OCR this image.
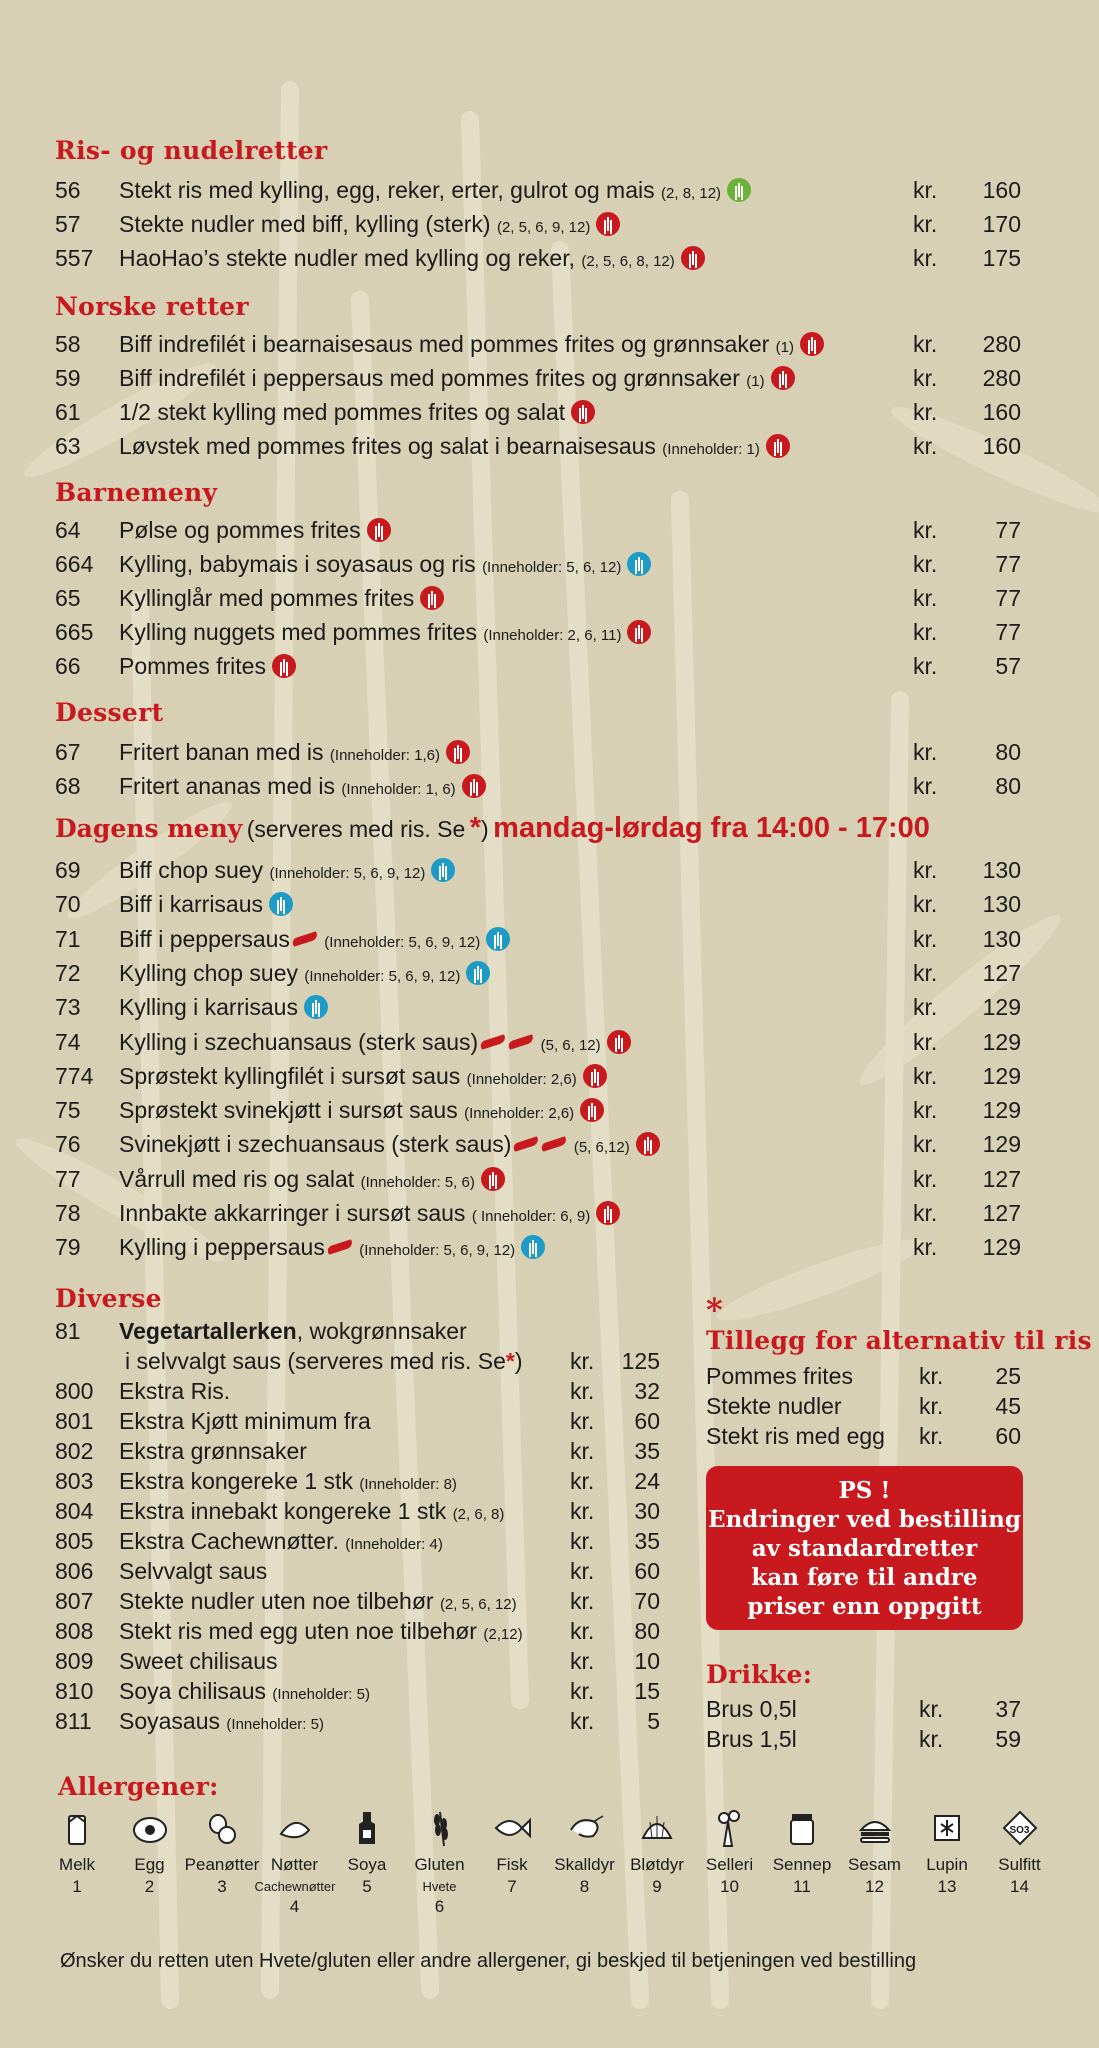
Ris- og nudelretter
Norske retter
Barnemeny
Dessert
Dagens meny (serveres med ris. Se *) mandag-lørdag fra 14:00 - 17:00
Diverse
81 Vegetartallerken, wokgrønnsaker
i selvvalgt saus (serveres med ris. Se*) kr. 125
*
Tillegg for alternativ til ris
PS !
Endringer ved bestilling
av standardretter
kan føre til andre
priser enn oppgitt
Drikke:
Allergener:
Ønsker du retten uten Hvete/gluten eller andre allergener, gi beskjed til betjeningen ved bestilling
56 Stekt ris med kylling, egg, reker, erter, gulrot og mais (2, 8, 12)	kr. 160
57 Stekte nudler med biff, kylling (sterk) (2, 5, 6, 9, 12)	kr. 170
557 HaoHao’s stekte nudler med kylling og reker, (2, 5, 6, 8, 12)	kr. 175
58 Biff indrefilét i bearnaisesaus med pommes frites og grønnsaker (1)	kr. 280
59 Biff indrefilét i peppersaus med pommes frites og grønnsaker (1)	kr. 280
61 1/2 stekt kylling med pommes frites og salat	kr. 160
63 Løvstek med pommes frites og salat i bearnaisesaus (Inneholder: 1)	kr. 160
64 Pølse og pommes frites	kr.	77
664 Kylling, babymais i soyasaus og ris (Inneholder: 5, 6, 12)	kr.	77
65 Kyllinglår med pommes frites	kr.	77
665 Kylling nuggets med pommes frites (Inneholder: 2, 6, 11)	kr.	77
66 Pommes frites	kr.	57
67 Fritert banan med is (Inneholder: 1,6)	kr.	80
68 Fritert ananas med is (Inneholder: 1, 6)	kr.	80
69 Biff chop suey (Inneholder: 5, 6, 9, 12)	kr. 130
70 Biff i karrisaus	kr. 130
71 Biff i peppersaus (Inneholder: 5, 6, 9, 12)	kr. 130
72 Kylling chop suey (Inneholder: 5, 6, 9, 12)	kr. 127
73 Kylling i karrisaus	kr. 129
74 Kylling i szechuansaus (sterk saus)	(5, 6, 12)	kr. 129
774 Sprøstekt kyllingfilét i sursøt saus (Inneholder: 2,6)	kr. 129
75 Sprøstekt svinekjøtt i sursøt saus (Inneholder: 2,6)	kr. 129
76 Svinekjøtt i szechuansaus (sterk saus)	(5, 6,12)	kr. 129
77 Vårrull med ris og salat (Inneholder: 5, 6)	kr. 127
78 Innbakte akkarringer i sursøt saus ( Inneholder: 6, 9)	kr. 127
79 Kylling i peppersaus (Inneholder: 5, 6, 9, 12)	kr. 129
800 Ekstra Ris.	kr. 32
801 Ekstra Kjøtt minimum fra	kr. 60
802 Ekstra grønnsaker	kr. 35
803 Ekstra kongereke 1 stk (Inneholder: 8)	kr. 24
804 Ekstra innebakt kongereke 1 stk (2, 6, 8)	kr. 30
805 Ekstra Cachewnøtter. (Inneholder: 4)	kr. 35
806 Selvvalgt saus	kr. 60
807 Stekte nudler uten noe tilbehør (2, 5, 6, 12) kr. 70
808 Stekt ris med egg uten noe tilbehør (2,12) kr. 80
809 Sweet chilisaus	kr. 10
810 Soya chilisaus (Inneholder: 5)	kr. 15
811 Soyasaus (Inneholder: 5)	kr. 5
Pommes frites	kr. 25
Stekte nudler	kr. 45
Stekt ris med egg kr. 60
Brus 0,5l	kr. 37
Brus 1,5l	kr. 59
Melk
1
Egg
2
Peanøtter
3
Nøtter
Cachewnøtter
4
Soya
5
Gluten
Hvete
6
Fisk
7
Skalldyr
8
Bløtdyr
9
Selleri
10
Sennep
11
Sesam
12
Lupin
13
SO3
Sulfitt
14
